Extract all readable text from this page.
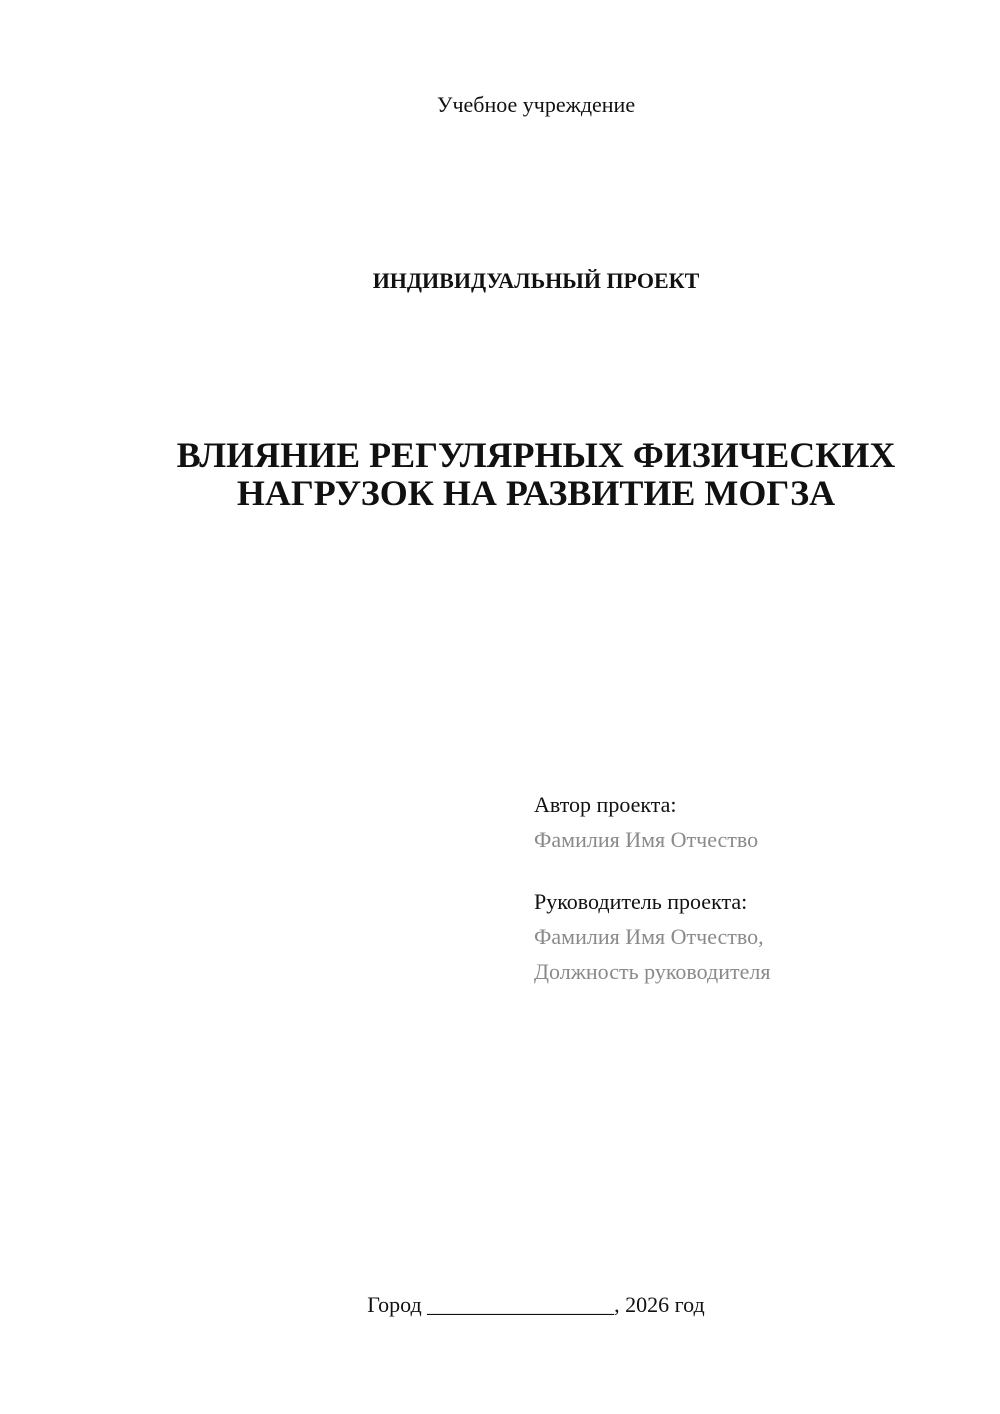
Учебное учреждение
ИНДИВИДУАЛЬНЫЙ ПРОЕКТ
ВЛИЯНИЕ РЕГУЛЯРНЫХ ФИЗИЧЕСКИХ
НАГРУЗОК НА РАЗВИТИЕ МОГЗА
Автор проекта:
Фамилия Имя Отчество
Руководитель проекта:
Фамилия Имя Отчество,
Должность руководителя
Город _________________, 2026 год
